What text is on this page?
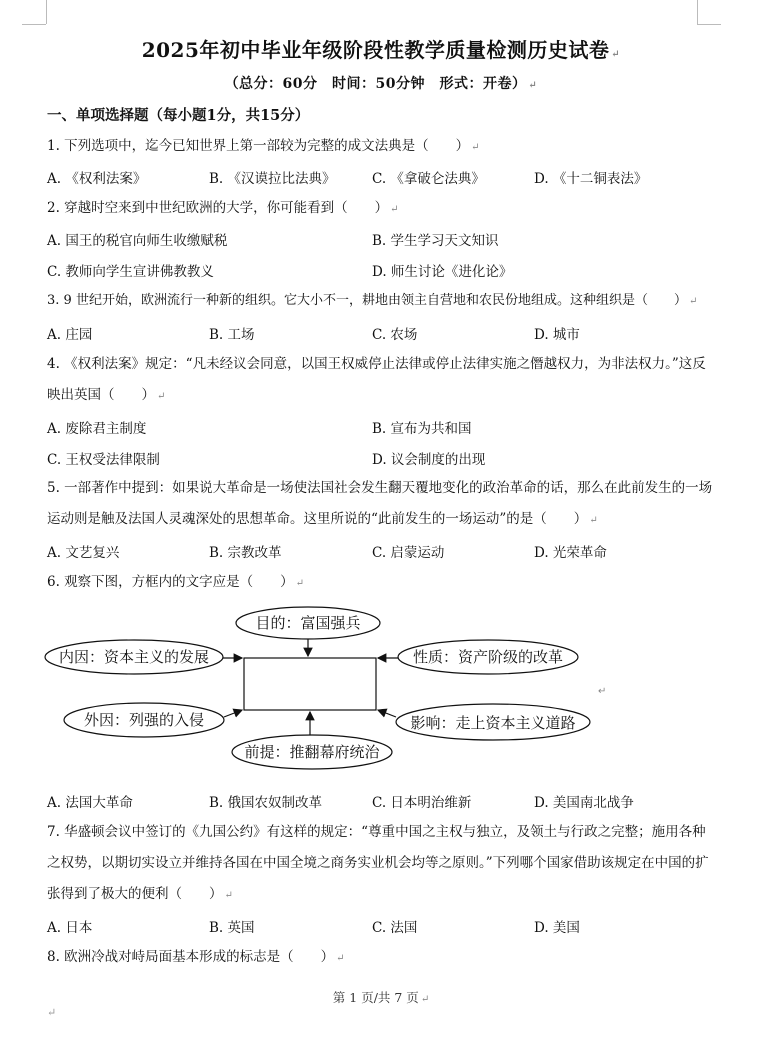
2025年初中毕业年级阶段性教学质量检测历史试卷 ↵
（总分：60分　时间：50分钟　形式：开卷） ↵
一、单项选择题（每小题1分，共15分）
1. 下列选项中，迄今已知世界上第一部较为完整的成文法典是（　　） ↵
A. 《权利法案》	B. 《汉谟拉比法典》	C. 《拿破仑法典》	D. 《十二铜表法》
2. 穿越时空来到中世纪欧洲的大学，你可能看到（　　） ↵
A. 国王的税官向师生收缴赋税	B. 学生学习天文知识
C. 教师向学生宣讲佛教教义	D. 师生讨论《进化论》
3. 9 世纪开始，欧洲流行一种新的组织。它大小不一，耕地由领主自营地和农民份地组成。这种组织是（　　） ↵
A. 庄园	B. 工场	C. 农场	D. 城市
4. 《权利法案》规定：“凡未经议会同意，以国王权威停止法律或停止法律实施之僭越权力，为非法权力。”这反映出英国（　　） ↵
A. 废除君主制度	B. 宣布为共和国
C. 王权受法律限制	D. 议会制度的出现
5. 一部著作中提到：如果说大革命是一场使法国社会发生翻天覆地变化的政治革命的话，那么在此前发生的一场运动则是触及法国人灵魂深处的思想革命。这里所说的“此前发生的一场运动”的是（　　） ↵
A. 文艺复兴	B. 宗教改革	C. 启蒙运动	D. 光荣革命
6. 观察下图，方框内的文字应是（　　） ↵
目的：富国强兵
内因：资本主义的发展	性质：资产阶级的改革
外因：列强的入侵	影响：走上资本主义道路
前提：推翻幕府统治
↵
A. 法国大革命	B. 俄国农奴制改革	C. 日本明治维新	D. 美国南北战争
7. 华盛顿会议中签订的《九国公约》有这样的规定：“尊重中国之主权与独立，及领土与行政之完整；施用各种之权势，以期切实设立并维持各国在中国全境之商务实业机会均等之原则。”下列哪个国家借助该规定在中国的扩张得到了极大的便利（　　） ↵
A. 日本	B. 英国	C. 法国	D. 美国
8. 欧洲冷战对峙局面基本形成的标志是（　　） ↵
第 1 页/共 7 页 ↵
↵
